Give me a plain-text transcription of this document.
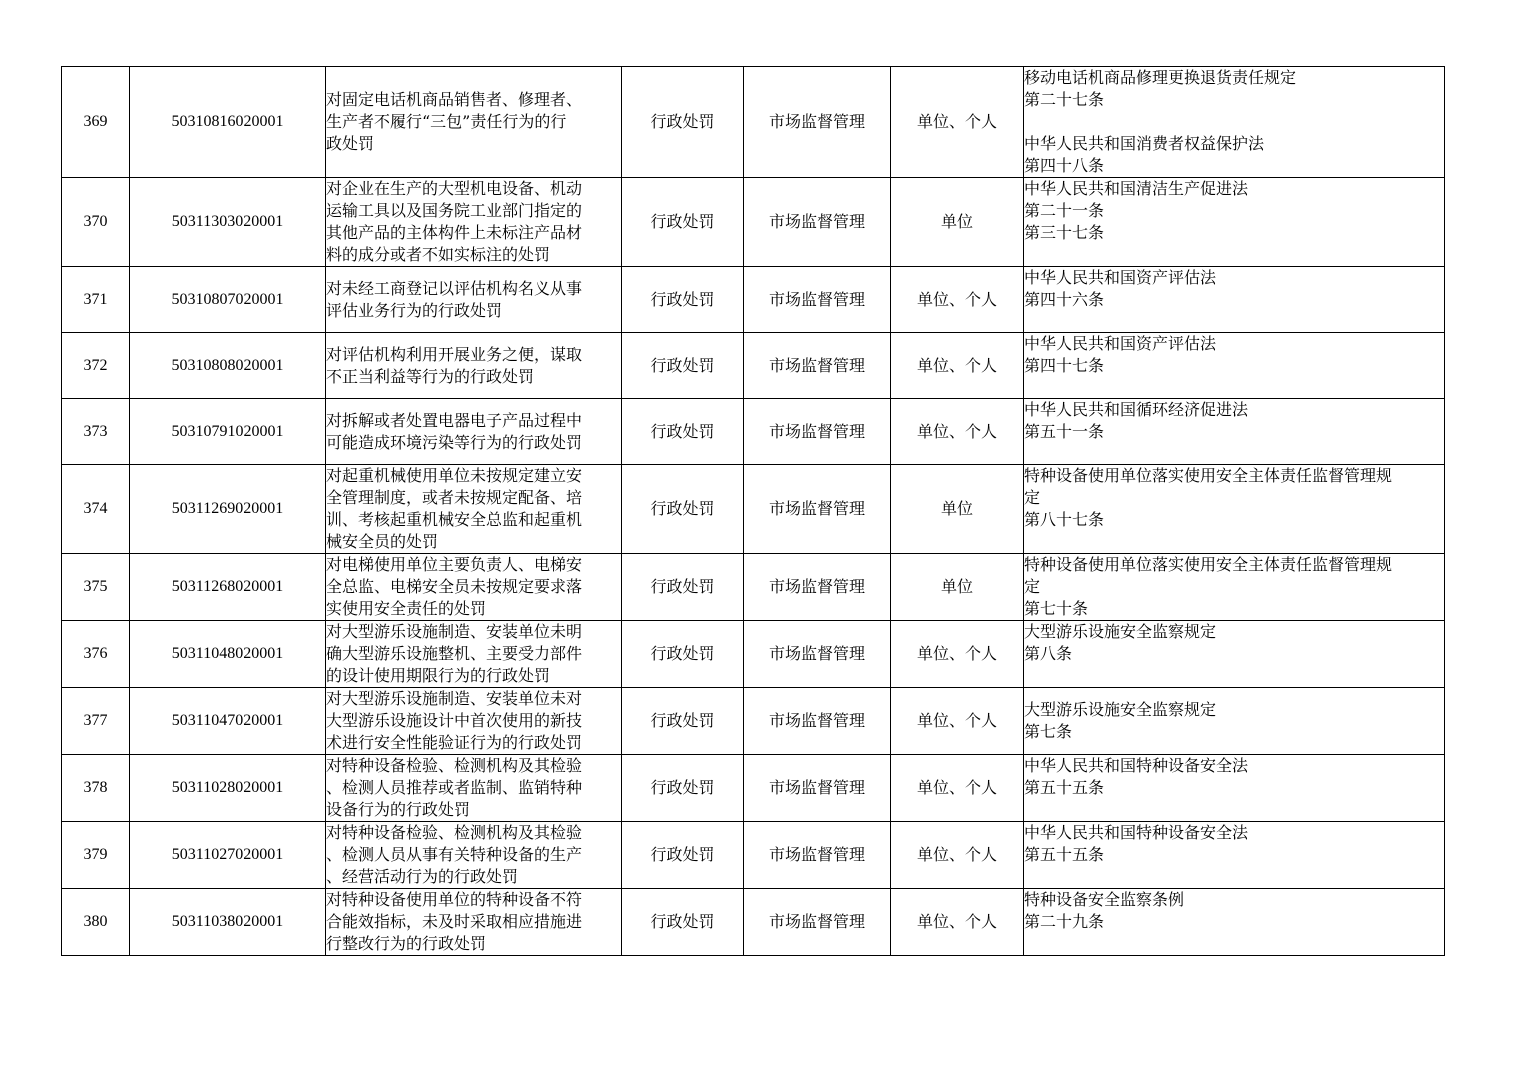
369	50310816020001	对固定电话机商品销售者、修理者、
生产者不履行“三包”责任行为的行
政处罚	行政处罚	市场监督管理	单位、个人	移动电话机商品修理更换退货责任规定
第二十七条
中华人民共和国消费者权益保护法
第四十八条

370	50311303020001	对企业在生产的大型机电设备、机动
运输工具以及国务院工业部门指定的
其他产品的主体构件上未标注产品材
料的成分或者不如实标注的处罚	行政处罚	市场监督管理	单位	中华人民共和国清洁生产促进法
第二十一条
第三十七条

371	50310807020001	对未经工商登记以评估机构名义从事
评估业务行为的行政处罚	行政处罚	市场监督管理	单位、个人	中华人民共和国资产评估法
第四十六条

372	50310808020001	对评估机构利用开展业务之便，谋取
不正当利益等行为的行政处罚	行政处罚	市场监督管理	单位、个人	中华人民共和国资产评估法
第四十七条

373	50310791020001	对拆解或者处置电器电子产品过程中
可能造成环境污染等行为的行政处罚	行政处罚	市场监督管理	单位、个人	中华人民共和国循环经济促进法
第五十一条

374	50311269020001	对起重机械使用单位未按规定建立安
全管理制度，或者未按规定配备、培
训、考核起重机械安全总监和起重机
械安全员的处罚	行政处罚	市场监督管理	单位	特种设备使用单位落实使用安全主体责任监督管理规
定
第八十七条

375	50311268020001	对电梯使用单位主要负责人、电梯安
全总监、电梯安全员未按规定要求落
实使用安全责任的处罚	行政处罚	市场监督管理	单位	特种设备使用单位落实使用安全主体责任监督管理规
定
第七十条

376	50311048020001	对大型游乐设施制造、安装单位未明
确大型游乐设施整机、主要受力部件
的设计使用期限行为的行政处罚	行政处罚	市场监督管理	单位、个人	大型游乐设施安全监察规定
第八条

377	50311047020001	对大型游乐设施制造、安装单位未对
大型游乐设施设计中首次使用的新技
术进行安全性能验证行为的行政处罚	行政处罚	市场监督管理	单位、个人	大型游乐设施安全监察规定
第七条

378	50311028020001	对特种设备检验、检测机构及其检验
、检测人员推荐或者监制、监销特种
设备行为的行政处罚	行政处罚	市场监督管理	单位、个人	中华人民共和国特种设备安全法
第五十五条

379	50311027020001	对特种设备检验、检测机构及其检验
、检测人员从事有关特种设备的生产
、经营活动行为的行政处罚	行政处罚	市场监督管理	单位、个人	中华人民共和国特种设备安全法
第五十五条

380	50311038020001	对特种设备使用单位的特种设备不符
合能效指标，未及时采取相应措施进
行整改行为的行政处罚	行政处罚	市场监督管理	单位、个人	特种设备安全监察条例
第二十九条
